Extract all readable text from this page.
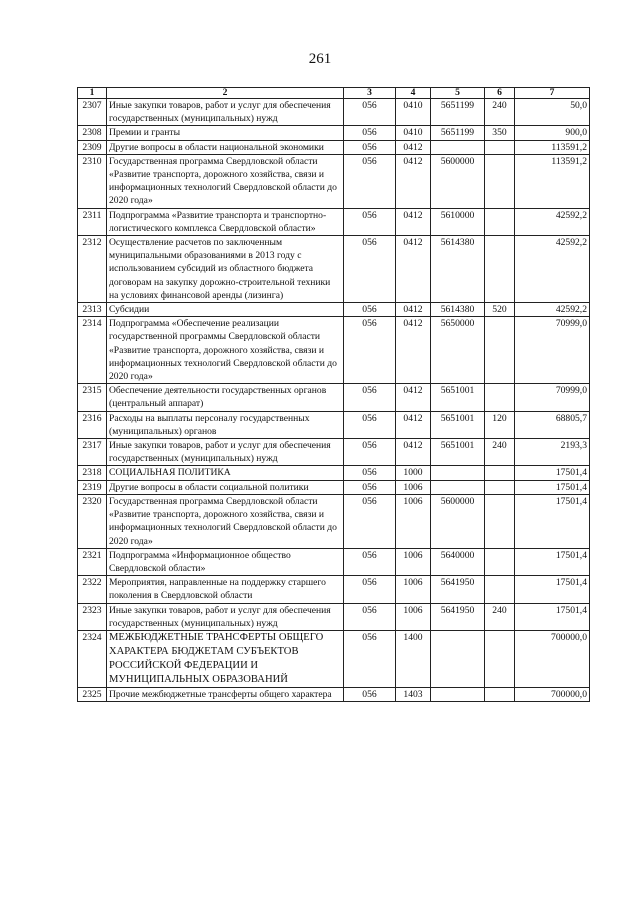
261
1	2	3	4	5	6	7
2307	Иные закупки товаров, работ и услуг для обеспечения государственных (муниципальных) нужд	056	0410	5651199	240	50,0
2308	Премии и гранты	056	0410	5651199	350	900,0
2309	Другие вопросы в области национальной экономики	056	0412			113591,2
2310	Государственная программа Свердловской области «Развитие транспорта, дорожного хозяйства, связи и информационных технологий Свердловской области до 2020 года»	056	0412	5600000		113591,2
2311	Подпрограмма «Развитие транспорта и транспортно-логистического комплекса Свердловской области»	056	0412	5610000		42592,2
2312	Осуществление расчетов по заключенным муниципальными образованиями в 2013 году с использованием субсидий из областного бюджета договорам на закупку дорожно-строительной техники на условиях финансовой аренды (лизинга)	056	0412	5614380		42592,2
2313	Субсидии	056	0412	5614380	520	42592,2
2314	Подпрограмма «Обеспечение реализации государственной программы Свердловской области «Развитие транспорта, дорожного хозяйства, связи и информационных технологий Свердловской области до 2020 года»	056	0412	5650000		70999,0
2315	Обеспечение деятельности государственных органов (центральный аппарат)	056	0412	5651001		70999,0
2316	Расходы на выплаты персоналу государственных (муниципальных) органов	056	0412	5651001	120	68805,7
2317	Иные закупки товаров, работ и услуг для обеспечения государственных (муниципальных) нужд	056	0412	5651001	240	2193,3
2318	СОЦИАЛЬНАЯ ПОЛИТИКА	056	1000			17501,4
2319	Другие вопросы в области социальной политики	056	1006			17501,4
2320	Государственная программа Свердловской области «Развитие транспорта, дорожного хозяйства, связи и информационных технологий Свердловской области до 2020 года»	056	1006	5600000		17501,4
2321	Подпрограмма «Информационное общество Свердловской области»	056	1006	5640000		17501,4
2322	Мероприятия, направленные на поддержку старшего поколения в Свердловской области	056	1006	5641950		17501,4
2323	Иные закупки товаров, работ и услуг для обеспечения государственных (муниципальных) нужд	056	1006	5641950	240	17501,4
2324	МЕЖБЮДЖЕТНЫЕ ТРАНСФЕРТЫ ОБЩЕГО ХАРАКТЕРА БЮДЖЕТАМ СУБЪЕКТОВ РОССИЙСКОЙ ФЕДЕРАЦИИ И МУНИЦИПАЛЬНЫХ ОБРАЗОВАНИЙ	056	1400			700000,0
2325	Прочие межбюджетные трансферты общего характера	056	1403			700000,0
